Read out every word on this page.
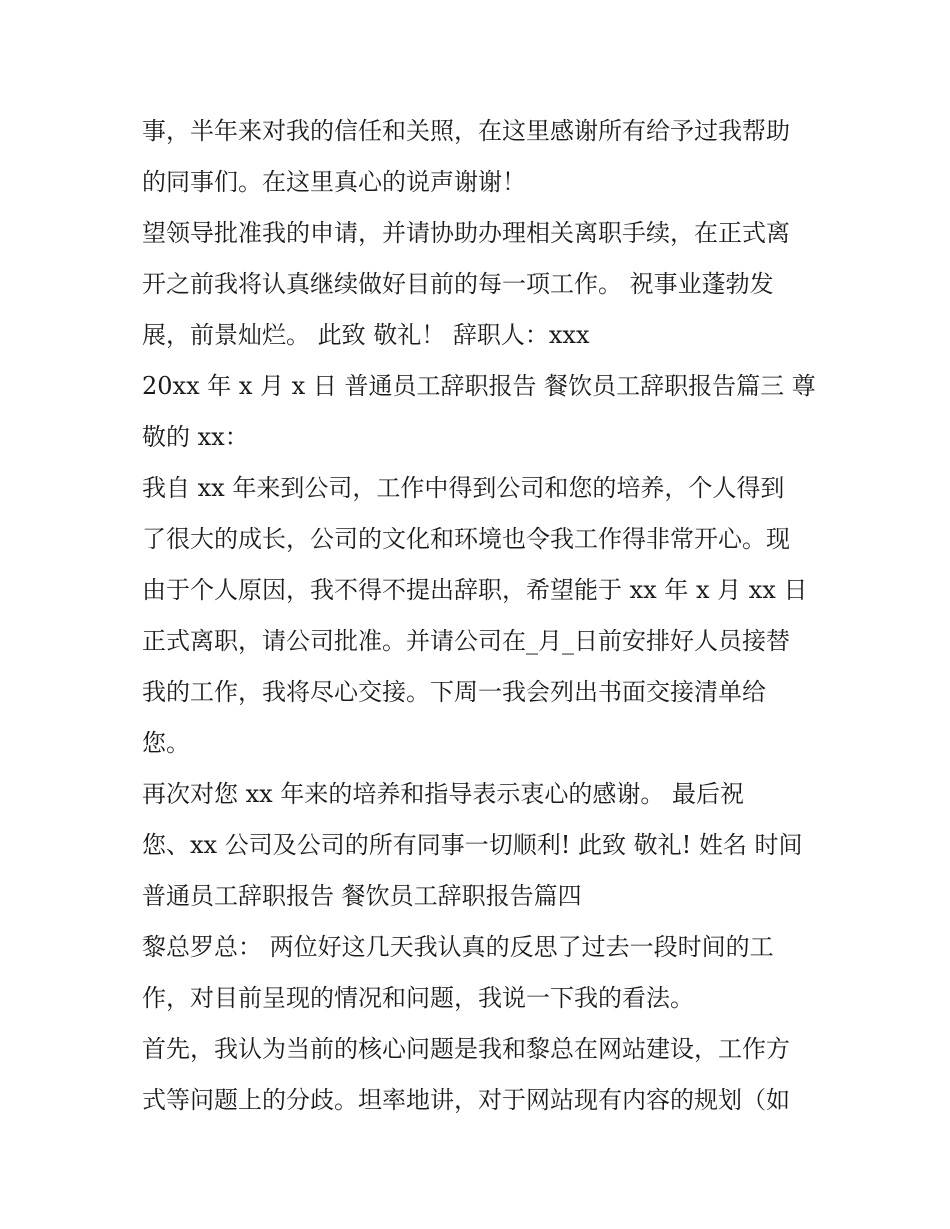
事，半年来对我的信任和关照，在这里感谢所有给予过我帮助
的同事们。在这里真心的说声谢谢！
望领导批准我的申请，并请协助办理相关离职手续，在正式离
开之前我将认真继续做好目前的每一项工作。 祝事业蓬勃发
展，前景灿烂。 此致 敬礼！ 辞职人：xxx
20xx 年 x 月 x 日 普通员工辞职报告 餐饮员工辞职报告篇三 尊
敬的 xx：
我自 xx 年来到公司，工作中得到公司和您的培养，个人得到
了很大的成长，公司的文化和环境也令我工作得非常开心。现
由于个人原因，我不得不提出辞职，希望能于 xx 年 x 月 xx 日
正式离职，请公司批准。并请公司在_月_日前安排好人员接替
我的工作，我将尽心交接。下周一我会列出书面交接清单给
您。
再次对您 xx 年来的培养和指导表示衷心的感谢。 最后祝
您、xx 公司及公司的所有同事一切顺利! 此致 敬礼! 姓名 时间
普通员工辞职报告 餐饮员工辞职报告篇四
黎总罗总： 两位好这几天我认真的反思了过去一段时间的工
作，对目前呈现的情况和问题，我说一下我的看法。
首先，我认为当前的核心问题是我和黎总在网站建设，工作方
式等问题上的分歧。坦率地讲，对于网站现有内容的规划（如
